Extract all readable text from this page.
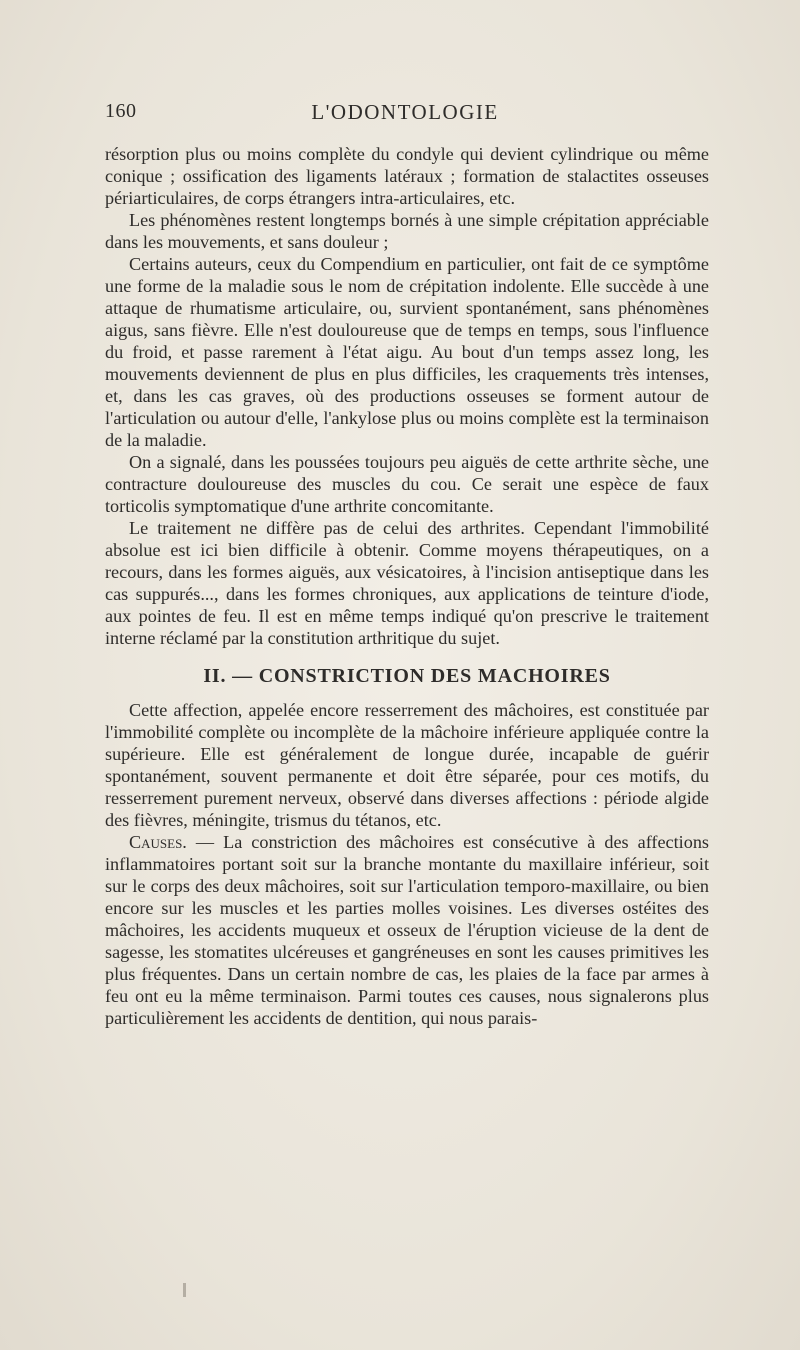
160	L'ODONTOLOGIE

résorption plus ou moins complète du condyle qui devient cylindrique ou même conique ; ossification des ligaments latéraux ; formation de stalactites osseuses périarticulaires, de corps étrangers intra-articulaires, etc.

Les phénomènes restent longtemps bornés à une simple crépitation appréciable dans les mouvements, et sans douleur ;

Certains auteurs, ceux du Compendium en particulier, ont fait de ce symptôme une forme de la maladie sous le nom de crépitation indolente. Elle succède à une attaque de rhumatisme articulaire, ou, survient spontanément, sans phénomènes aigus, sans fièvre. Elle n'est douloureuse que de temps en temps, sous l'influence du froid, et passe rarement à l'état aigu. Au bout d'un temps assez long, les mouvements deviennent de plus en plus difficiles, les craquements très intenses, et, dans les cas graves, où des productions osseuses se forment autour de l'articulation ou autour d'elle, l'ankylose plus ou moins complète est la terminaison de la maladie.

On a signalé, dans les poussées toujours peu aiguës de cette arthrite sèche, une contracture douloureuse des muscles du cou. Ce serait une espèce de faux torticolis symptomatique d'une arthrite concomitante.

Le traitement ne diffère pas de celui des arthrites. Cependant l'immobilité absolue est ici bien difficile à obtenir. Comme moyens thérapeutiques, on a recours, dans les formes aiguës, aux vésicatoires, à l'incision antiseptique dans les cas suppurés..., dans les formes chroniques, aux applications de teinture d'iode, aux pointes de feu. Il est en même temps indiqué qu'on prescrive le traitement interne réclamé par la constitution arthritique du sujet.

II. — CONSTRICTION DES MACHOIRES

Cette affection, appelée encore resserrement des mâchoires, est constituée par l'immobilité complète ou incomplète de la mâchoire inférieure appliquée contre la supérieure. Elle est généralement de longue durée, incapable de guérir spontanément, souvent permanente et doit être séparée, pour ces motifs, du resserrement purement nerveux, observé dans diverses affections : période algide des fièvres, méningite, trismus du tétanos, etc.

Causes. — La constriction des mâchoires est consécutive à des affections inflammatoires portant soit sur la branche montante du maxillaire inférieur, soit sur le corps des deux mâchoires, soit sur l'articulation temporo-maxillaire, ou bien encore sur les muscles et les parties molles voisines. Les diverses ostéites des mâchoires, les accidents muqueux et osseux de l'éruption vicieuse de la dent de sagesse, les stomatites ulcéreuses et gangréneuses en sont les causes primitives les plus fréquentes. Dans un certain nombre de cas, les plaies de la face par armes à feu ont eu la même terminaison. Parmi toutes ces causes, nous signalerons plus particulièrement les accidents de dentition, qui nous parais-
